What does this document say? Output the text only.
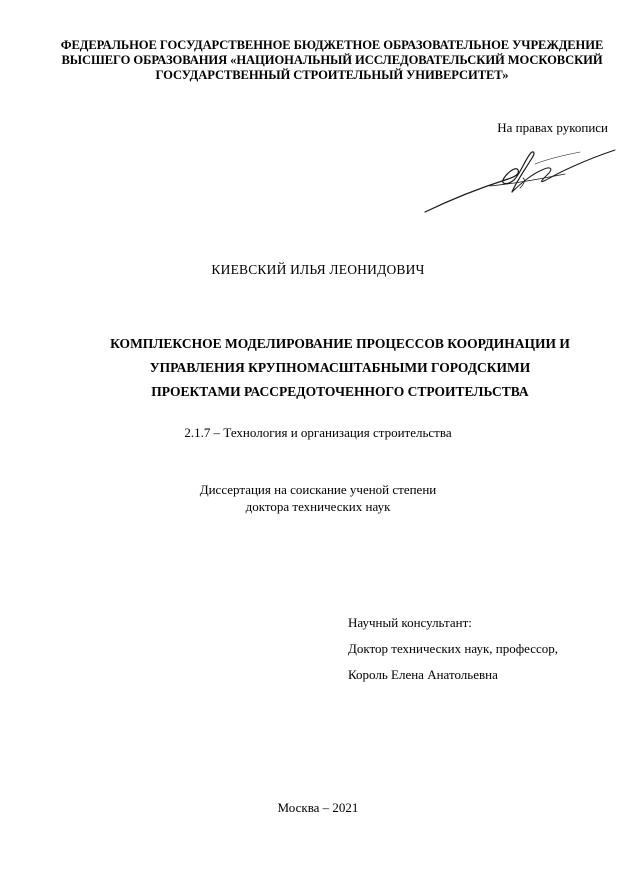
ФЕДЕРАЛЬНОЕ ГОСУДАРСТВЕННОЕ БЮДЖЕТНОЕ ОБРАЗОВАТЕЛЬНОЕ УЧРЕЖДЕНИЕ
ВЫСШЕГО ОБРАЗОВАНИЯ «НАЦИОНАЛЬНЫЙ ИССЛЕДОВАТЕЛЬСКИЙ МОСКОВСКИЙ
ГОСУДАРСТВЕННЫЙ СТРОИТЕЛЬНЫЙ УНИВЕРСИТЕТ»
На правах рукописи
КИЕВСКИЙ ИЛЬЯ ЛЕОНИДОВИЧ
КОМПЛЕКСНОЕ МОДЕЛИРОВАНИЕ ПРОЦЕССОВ КООРДИНАЦИИ И
УПРАВЛЕНИЯ КРУПНОМАСШТАБНЫМИ ГОРОДСКИМИ
ПРОЕКТАМИ РАССРЕДОТОЧЕННОГО СТРОИТЕЛЬСТВА
2.1.7 – Технология и организация строительства
Диссертация на соискание ученой степени
доктора технических наук
Научный консультант:
Доктор технических наук, профессор,
Король Елена Анатольевна
Москва – 2021
